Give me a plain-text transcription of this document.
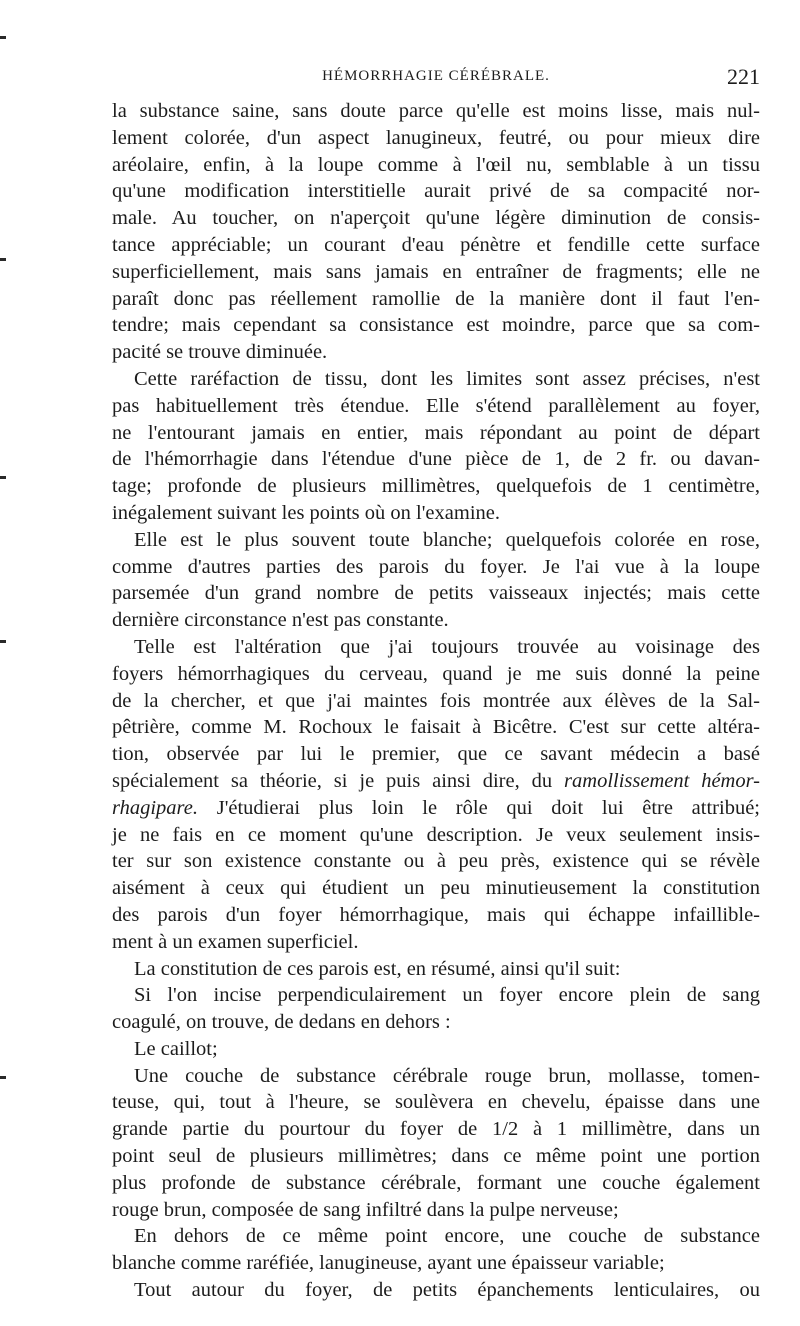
HÉMORRHAGIE CÉRÉBRALE.	221
la substance saine, sans doute parce qu'elle est moins lisse, mais nul-
lement colorée, d'un aspect lanugineux, feutré, ou pour mieux dire
aréolaire, enfin, à la loupe comme à l'œil nu, semblable à un tissu
qu'une modification interstitielle aurait privé de sa compacité nor-
male. Au toucher, on n'aperçoit qu'une légère diminution de consis-
tance appréciable; un courant d'eau pénètre et fendille cette surface
superficiellement, mais sans jamais en entraîner de fragments; elle ne
paraît donc pas réellement ramollie de la manière dont il faut l'en-
tendre; mais cependant sa consistance est moindre, parce que sa com-
pacité se trouve diminuée.
Cette raréfaction de tissu, dont les limites sont assez précises, n'est
pas habituellement très étendue. Elle s'étend parallèlement au foyer,
ne l'entourant jamais en entier, mais répondant au point de départ
de l'hémorrhagie dans l'étendue d'une pièce de 1, de 2 fr. ou davan-
tage; profonde de plusieurs millimètres, quelquefois de 1 centimètre,
inégalement suivant les points où on l'examine.
Elle est le plus souvent toute blanche; quelquefois colorée en rose,
comme d'autres parties des parois du foyer. Je l'ai vue à la loupe
parsemée d'un grand nombre de petits vaisseaux injectés; mais cette
dernière circonstance n'est pas constante.
Telle est l'altération que j'ai toujours trouvée au voisinage des
foyers hémorrhagiques du cerveau, quand je me suis donné la peine
de la chercher, et que j'ai maintes fois montrée aux élèves de la Sal-
pêtrière, comme M. Rochoux le faisait à Bicêtre. C'est sur cette altéra-
tion, observée par lui le premier, que ce savant médecin a basé
spécialement sa théorie, si je puis ainsi dire, du ramollissement hémor-
rhagipare. J'étudierai plus loin le rôle qui doit lui être attribué;
je ne fais en ce moment qu'une description. Je veux seulement insis-
ter sur son existence constante ou à peu près, existence qui se révèle
aisément à ceux qui étudient un peu minutieusement la constitution
des parois d'un foyer hémorrhagique, mais qui échappe infaillible-
ment à un examen superficiel.
La constitution de ces parois est, en résumé, ainsi qu'il suit:
Si l'on incise perpendiculairement un foyer encore plein de sang
coagulé, on trouve, de dedans en dehors :
Le caillot;
Une couche de substance cérébrale rouge brun, mollasse, tomen-
teuse, qui, tout à l'heure, se soulèvera en chevelu, épaisse dans une
grande partie du pourtour du foyer de 1/2 à 1 millimètre, dans un
point seul de plusieurs millimètres; dans ce même point une portion
plus profonde de substance cérébrale, formant une couche également
rouge brun, composée de sang infiltré dans la pulpe nerveuse;
En dehors de ce même point encore, une couche de substance
blanche comme raréfiée, lanugineuse, ayant une épaisseur variable;
Tout autour du foyer, de petits épanchements lenticulaires, ou
